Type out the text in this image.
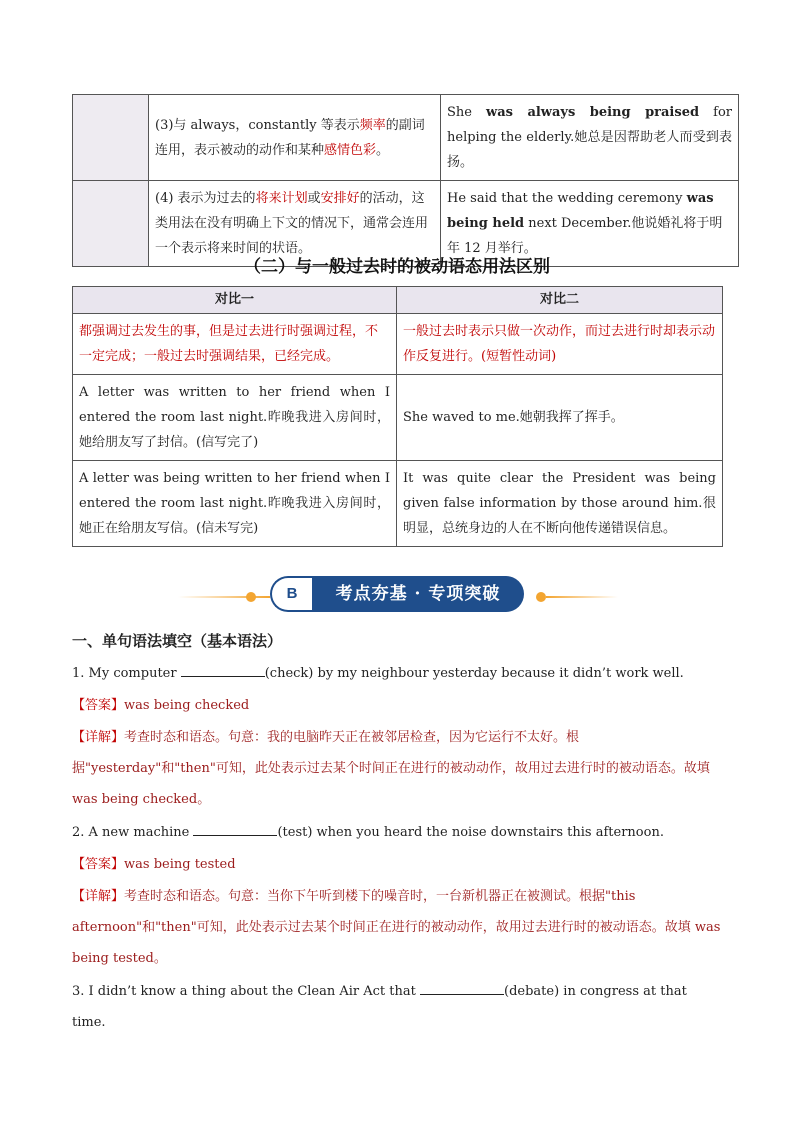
	(3)与 always，constantly 等表示频率的副词连用，表示被动的动作和某种感情色彩。	She was always being praised for helping the elderly.她总是因帮助老人而受到表扬。
	(4) 表示为过去的将来计划或安排好的活动，这类用法在没有明确上下文的情况下，通常会连用一个表示将来时间的状语。	He said that the wedding ceremony was being held next December.他说婚礼将于明年 12 月举行。
（二）与一般过去时的被动语态用法区别
对比一	对比二
都强调过去发生的事，但是过去进行时强调过程，不一定完成；一般过去时强调结果，已经完成。	一般过去时表示只做一次动作，而过去进行时却表示动作反复进行。(短暂性动词)
A letter was written to her friend when I entered the room last night.昨晚我进入房间时，她给朋友写了封信。(信写完了)	She waved to me.她朝我挥了挥手。
A letter was being written to her friend when I entered the room last night.昨晚我进入房间时，她正在给朋友写信。(信未写完)	It was quite clear the President was being given false information by those around him.很明显，总统身边的人在不断向他传递错误信息。
B	考点夯基 · 专项突破
一、单句语法填空（基本语法）
1. My computer	(check) by my neighbour yesterday because it didn’t work well.
【答案】was being checked
【详解】考查时态和语态。句意：我的电脑昨天正在被邻居检查，因为它运行不太好。根据"yesterday"和"then"可知，此处表示过去某个时间正在进行的被动动作，故用过去进行时的被动语态。故填 was being checked。
2. A new machine	(test) when you heard the noise downstairs this afternoon.
【答案】was being tested
【详解】考查时态和语态。句意：当你下午听到楼下的噪音时，一台新机器正在被测试。根据"this afternoon"和"then"可知，此处表示过去某个时间正在进行的被动动作，故用过去进行时的被动语态。故填 was being tested。
3. I didn’t know a thing about the Clean Air Act that	(debate) in congress at that time.
